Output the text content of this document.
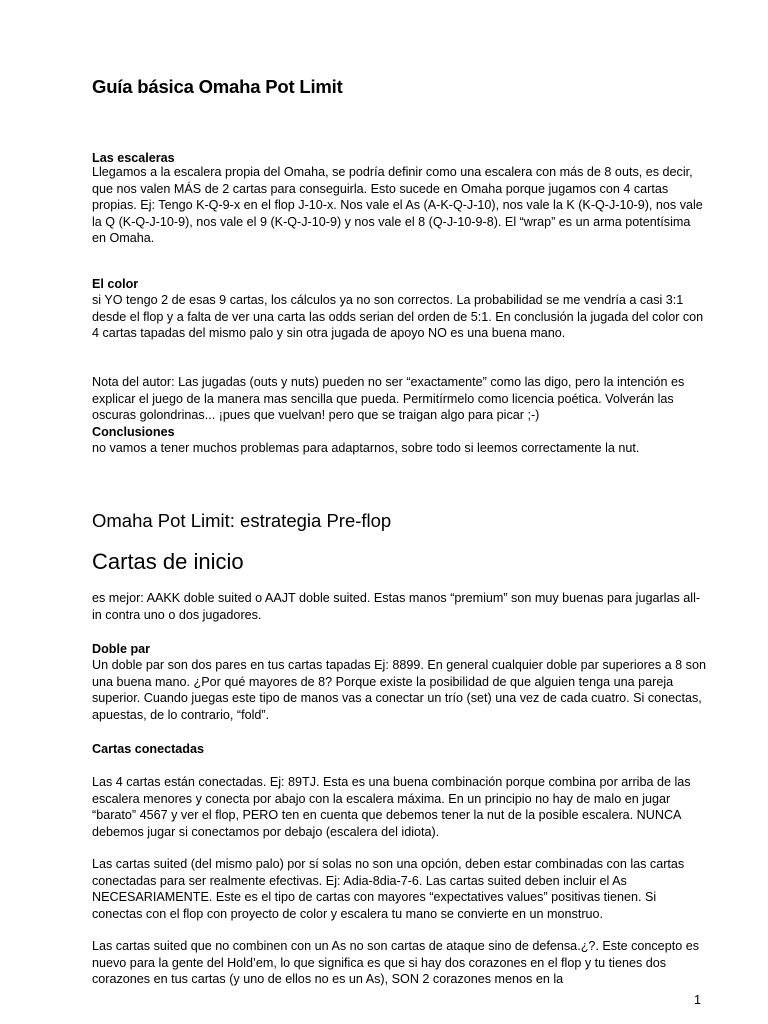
Guía básica Omaha Pot Limit

Las escaleras

Llegamos a la escalera propia del Omaha, se podría definir como una escalera con más de 8 outs, es decir, que nos valen MÁS de 2 cartas para conseguirla. Esto sucede en Omaha porque jugamos con 4 cartas propias. Ej: Tengo K-Q-9-x en el flop J-10-x. Nos vale el As (A-K-Q-J-10), nos vale la K (K-Q-J-10-9), nos vale la Q (K-Q-J-10-9), nos vale el 9 (K-Q-J-10-9) y nos vale el 8 (Q-J-10-9-8). El “wrap” es un arma potentísima en Omaha.

El color

si YO tengo 2 de esas 9 cartas, los cálculos ya no son correctos. La probabilidad se me vendría a casi 3:1 desde el flop y a falta de ver una carta las odds serian del orden de 5:1. En conclusión la jugada del color con 4 cartas tapadas del mismo palo y sin otra jugada de apoyo NO es una buena mano.

Nota del autor: Las jugadas (outs y nuts) pueden no ser “exactamente” como las digo, pero la intención es explicar el juego de la manera mas sencilla que pueda. Permitírmelo como licencia poética. Volverán las oscuras golondrinas... ¡pues que vuelvan! pero que se traigan algo para picar ;-)

Conclusiones

no vamos a tener muchos problemas para adaptarnos, sobre todo si leemos correctamente la nut.

Omaha Pot Limit: estrategia Pre-flop

Cartas de inicio

es mejor: AAKK doble suited o AAJT doble suited. Estas manos “premium” son muy buenas para jugarlas all-in contra uno o dos jugadores.

Doble par

Un doble par son dos pares en tus cartas tapadas Ej: 8899. En general cualquier doble par superiores a 8 son una buena mano. ¿Por qué mayores de 8? Porque existe la posibilidad de que alguien tenga una pareja superior. Cuando juegas este tipo de manos vas a conectar un trío (set) una vez de cada cuatro. Si conectas, apuestas, de lo contrario, “fold”.

Cartas conectadas

Las 4 cartas están conectadas. Ej: 89TJ. Esta es una buena combinación porque combina por arriba de las escalera menores y conecta por abajo con la escalera máxima. En un principio no hay de malo en jugar “barato” 4567 y ver el flop, PERO ten en cuenta que debemos tener la nut de la posible escalera. NUNCA debemos jugar si conectamos por debajo (escalera del idiota).

Las cartas suited (del mismo palo) por sí solas no son una opción, deben estar combinadas con las cartas conectadas para ser realmente efectivas. Ej: Adia-8dia-7-6. Las cartas suited deben incluir el As NECESARIAMENTE. Este es el tipo de cartas con mayores “expectatives values” positivas tienen. Si conectas con el flop con proyecto de color y escalera tu mano se convierte en un monstruo.

Las cartas suited que no combinen con un As no son cartas de ataque sino de defensa.¿?. Este concepto es nuevo para la gente del Hold’em, lo que significa es que si hay dos corazones en el flop y tu tienes dos corazones en tus cartas (y uno de ellos no es un As), SON 2 corazones menos en la

1
